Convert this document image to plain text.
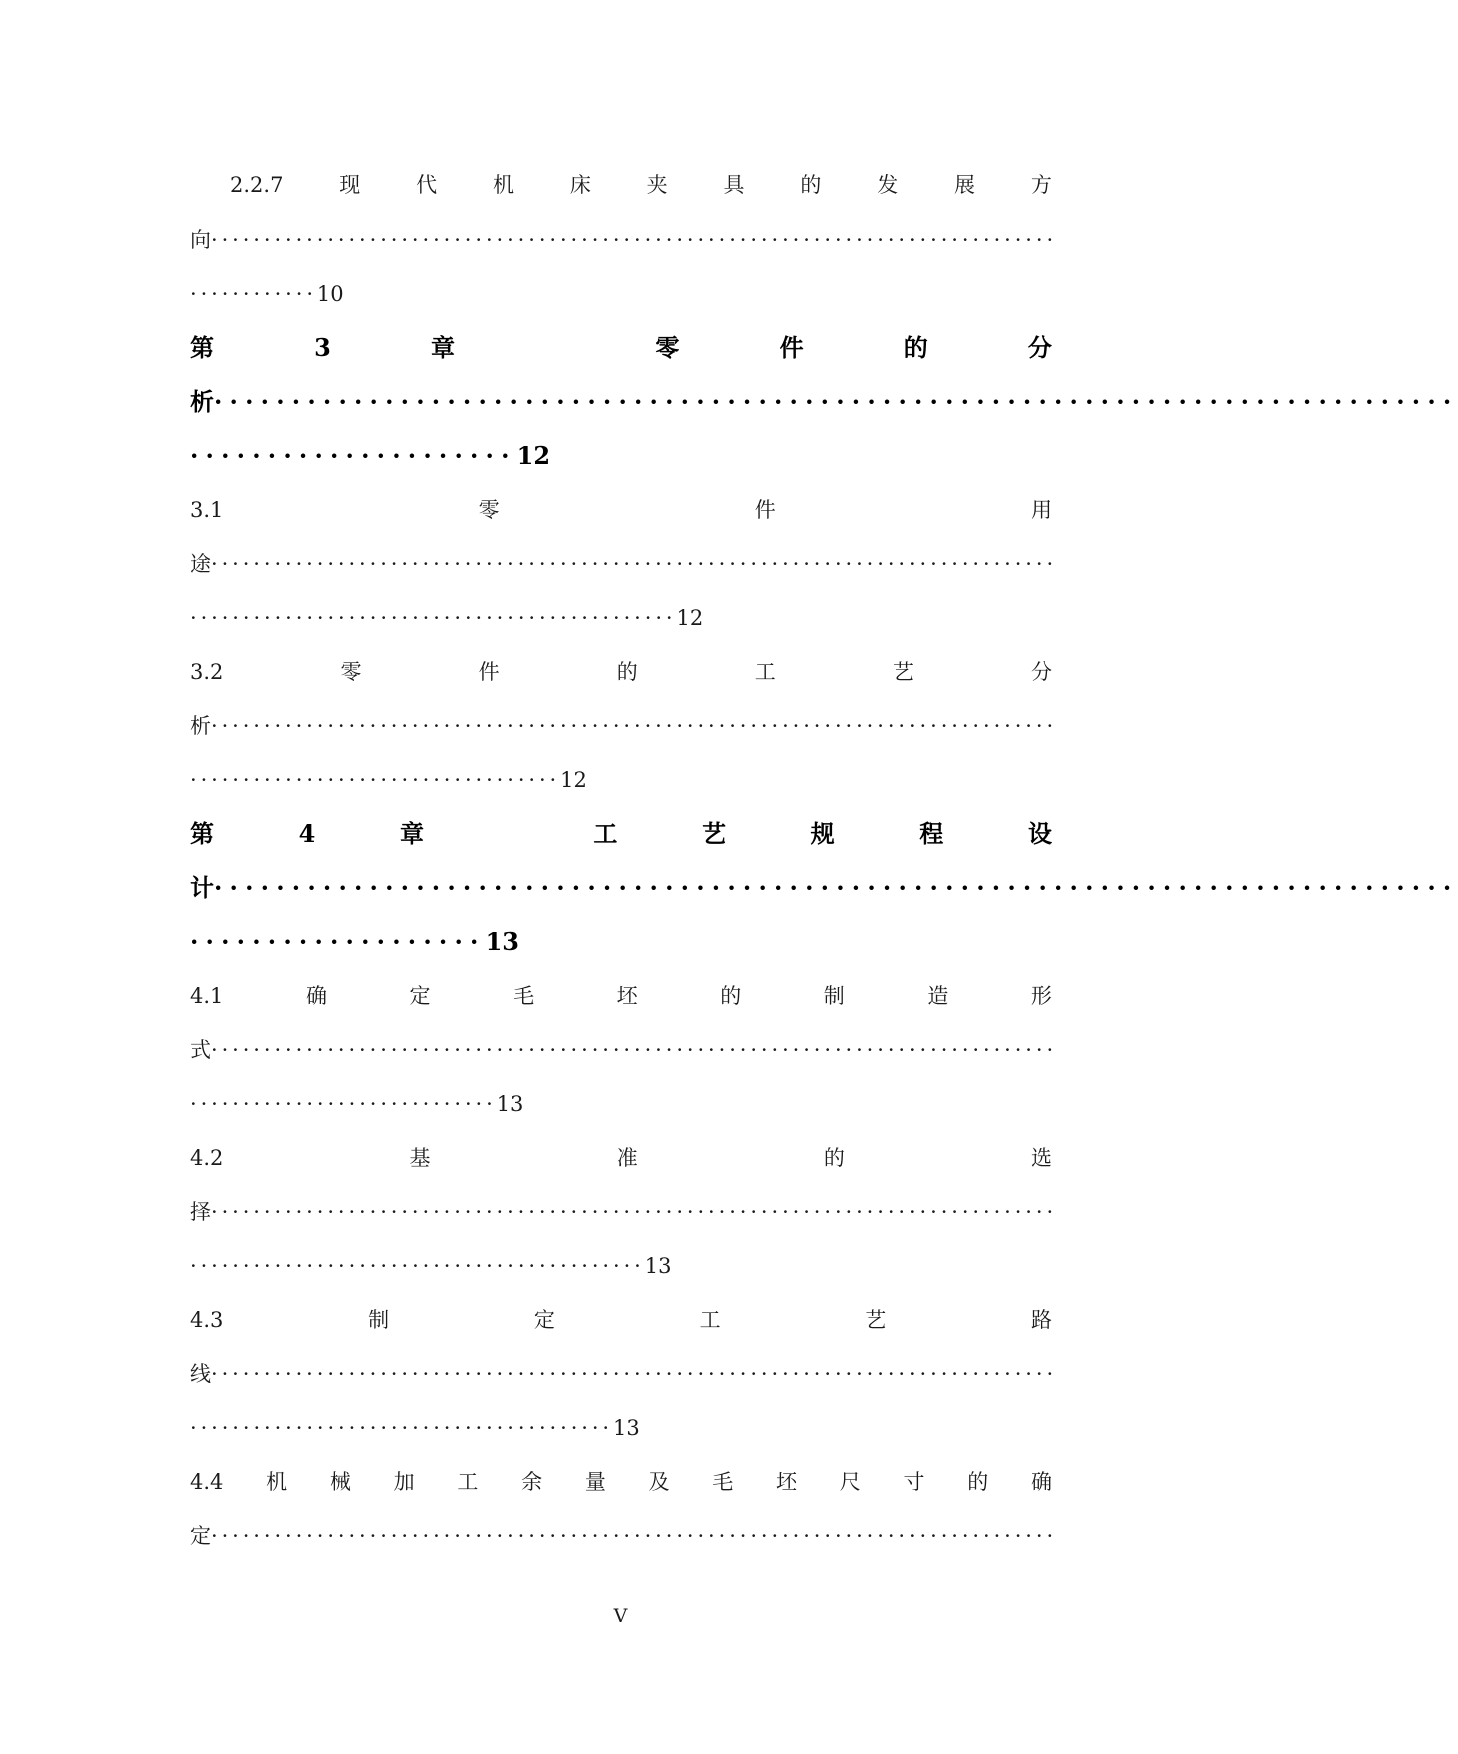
2.2.7	现	代	机	床	夹	具	的	发	展	方
向 ················································································
············ 10
第	3	章	零	件	的	分
析 ················································································
····················· 12
3.1	零	件	用
途 ················································································
·············································· 12
3.2	零	件	的	工	艺	分
析 ················································································
··································· 12
第	4	章	工	艺	规	程	设
计 ················································································
··················· 13
4.1	确	定	毛	坯	的	制	造	形
式 ················································································
····························· 13
4.2	基	准	的	选
择 ················································································
··········································· 13
4.3	制	定	工	艺	路
线 ················································································
········································ 13
4.4 机 械 加 工 余 量 及 毛 坯 尺 寸 的 确
定 ················································································
V
